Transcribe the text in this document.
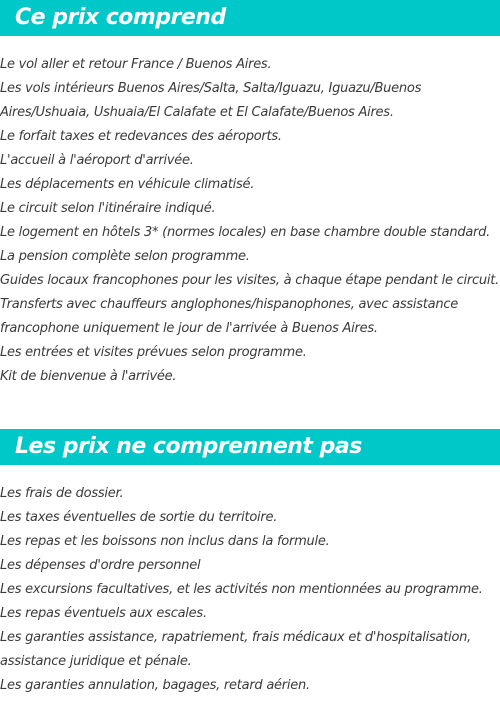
Ce prix comprend
Le vol aller et retour France / Buenos Aires.
Les vols intérieurs Buenos Aires/Salta, Salta/Iguazu, Iguazu/Buenos Aires/Ushuaia, Ushuaia/El Calafate et El Calafate/Buenos Aires.
Le forfait taxes et redevances des aéroports.
L'accueil à l'aéroport d'arrivée.
Les déplacements en véhicule climatisé.
Le circuit selon l'itinéraire indiqué.
Le logement en hôtels 3* (normes locales) en base chambre double standard.
La pension complète selon programme.
Guides locaux francophones pour les visites, à chaque étape pendant le circuit.
Transferts avec chauffeurs anglophones/hispanophones, avec assistance francophone uniquement le jour de l'arrivée à Buenos Aires.
Les entrées et visites prévues selon programme.
Kit de bienvenue à l'arrivée.
Les prix ne comprennent pas
Les frais de dossier.
Les taxes éventuelles de sortie du territoire.
Les repas et les boissons non inclus dans la formule.
Les dépenses d'ordre personnel
Les excursions facultatives, et les activités non mentionnées au programme.
Les repas éventuels aux escales.
Les garanties assistance, rapatriement, frais médicaux et d'hospitalisation, assistance juridique et pénale.
Les garanties annulation, bagages, retard aérien.
